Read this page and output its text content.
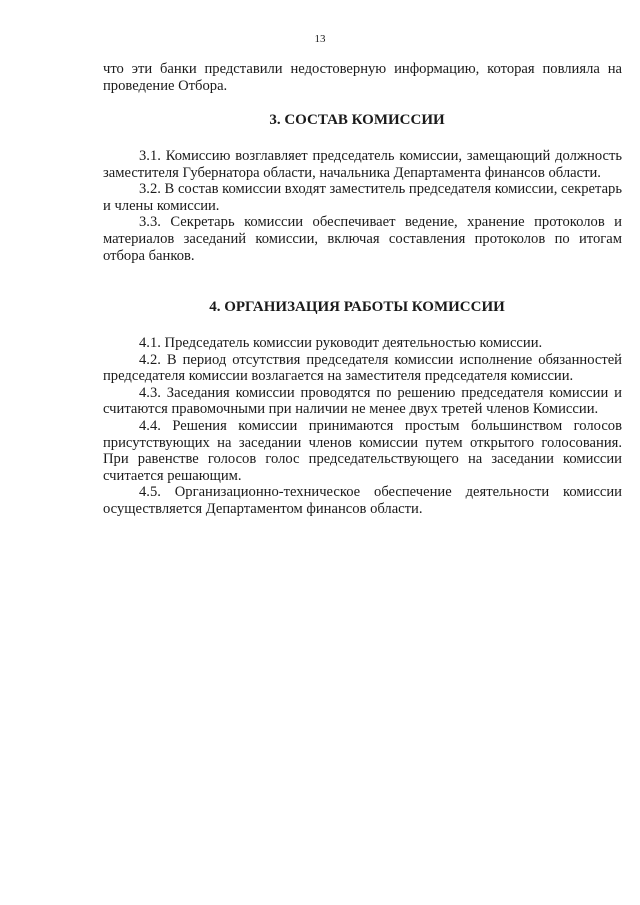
13

что эти банки представили недостоверную информацию, которая повлияла на проведение Отбора.

3. СОСТАВ КОМИССИИ

3.1. Комиссию возглавляет председатель комиссии, замещающий должность заместителя Губернатора области, начальника Департамента финансов области.

3.2. В состав комиссии входят заместитель председателя комиссии, секретарь и члены комиссии.

3.3. Секретарь комиссии обеспечивает ведение, хранение протоколов и материалов заседаний комиссии, включая составления протоколов по итогам отбора банков.

4. ОРГАНИЗАЦИЯ РАБОТЫ КОМИССИИ

4.1. Председатель комиссии руководит деятельностью комиссии.

4.2. В период отсутствия председателя комиссии исполнение обязанностей председателя комиссии возлагается на заместителя председателя комиссии.

4.3. Заседания комиссии проводятся по решению председателя комиссии и считаются правомочными при наличии не менее двух третей членов Комиссии.

4.4. Решения комиссии принимаются простым большинством голосов присутствующих на заседании членов комиссии путем открытого голосования. При равенстве голосов голос председательствующего на заседании комиссии считается решающим.

4.5. Организационно-техническое обеспечение деятельности комиссии осуществляется Департаментом финансов области.
